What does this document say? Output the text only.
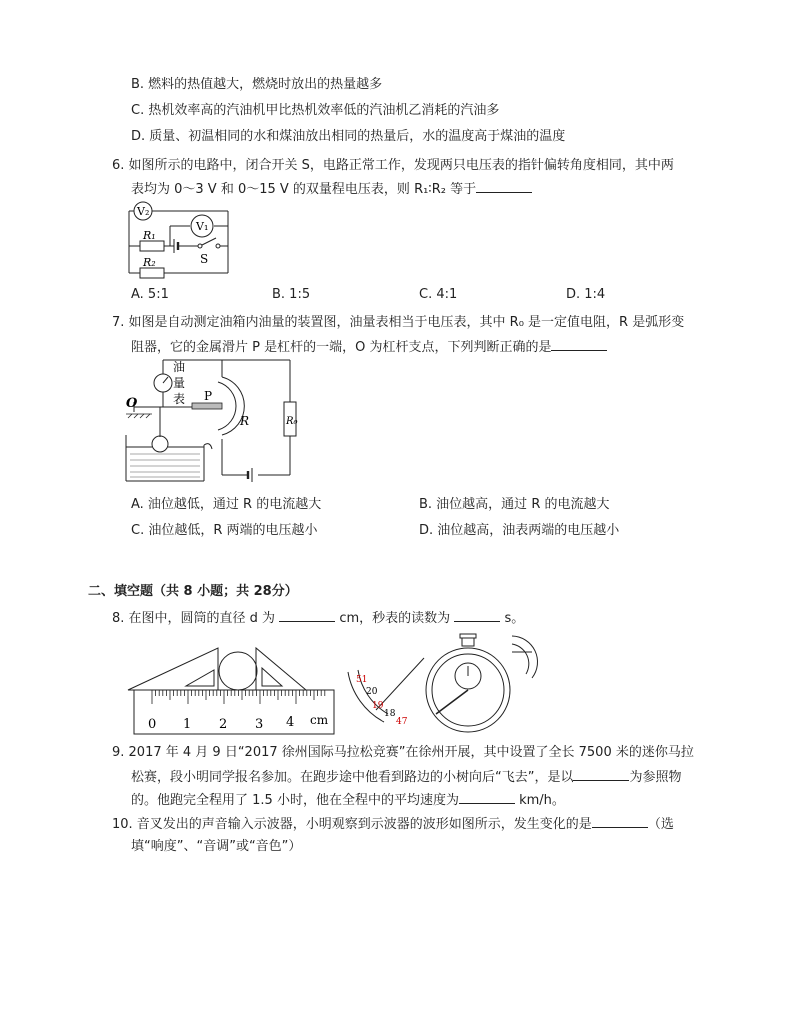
B. 燃料的热值越大，燃烧时放出的热量越多
C. 热机效率高的汽油机甲比热机效率低的汽油机乙消耗的汽油多
D. 质量、初温相同的水和煤油放出相同的热量后，水的温度高于煤油的温度
6. 如图所示的电路中，闭合开关 S，电路正常工作，发现两只电压表的指针偏转角度相同，其中两
表均为 0～3 V 和 0～15 V 的双量程电压表，则 R₁∶R₂ 等于
V₂
V₁
R₁
R₂	S
A. 5:1	B. 1:5	C. 4:1	D. 1:4
7. 如图是自动测定油箱内油量的装置图，油量表相当于电压表，其中 R₀ 是一定值电阻，R 是弧形变
阻器，它的金属滑片 P 是杠杆的一端，O 为杠杆支点，下列判断正确的是
油
量
表 P
R	R₀
O
A. 油位越低，通过 R 的电流越大	B. 油位越高，通过 R 的电流越大
C. 油位越低，R 两端的电压越小	D. 油位越高，油表两端的电压越小
二、填空题（共 8 小题；共 28分）
8. 在图中，圆筒的直径 d 为	cm，秒表的读数为	s。
0 1 2 3 4 cm
51
20
19
18
47
9. 2017 年 4 月 9 日“2017 徐州国际马拉松竞赛”在徐州开展，其中设置了全长 7500 米的迷你马拉
松赛，段小明同学报名参加。在跑步途中他看到路边的小树向后“飞去”，是以	为参照物
的。他跑完全程用了 1.5 小时，他在全程中的平均速度为	km/h。
10. 音叉发出的声音输入示波器，小明观察到示波器的波形如图所示，发生变化的是	（选
填“响度”、“音调”或“音色”）
